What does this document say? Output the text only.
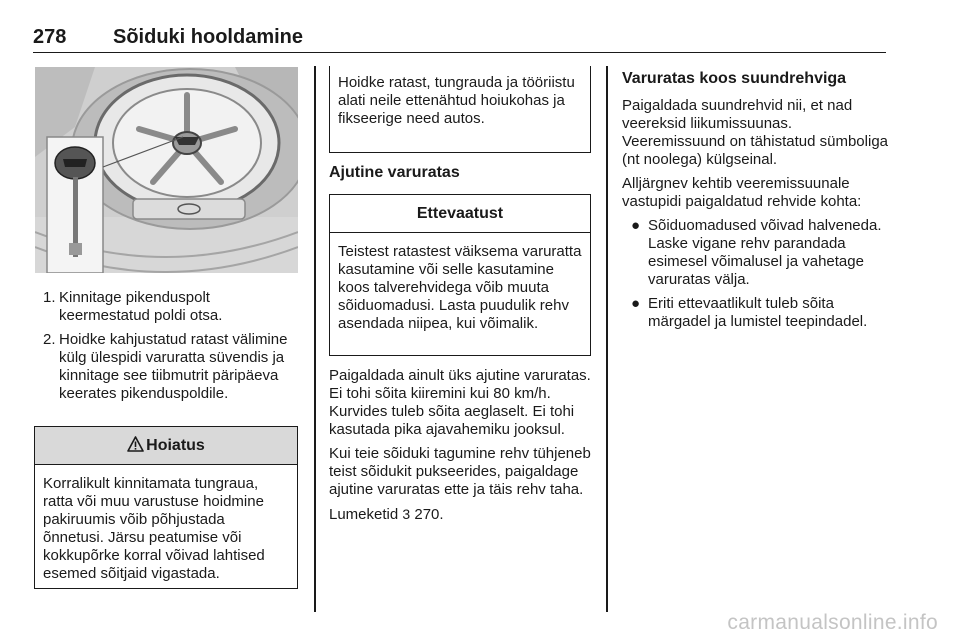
278 Sõiduki hooldamine
1. Kinnitage pikenduspolt keermestatud poldi otsa.
2. Hoidke kahjustatud ratast välimine külg ülespidi varuratta süvendis ja kinnitage see tiibmutrit päripäeva keerates pikenduspoldile.
Hoiatus
Korralikult kinnitamata tungraua, ratta või muu varustuse hoidmine pakiruumis võib põhjustada õnnetusi. Järsu peatumise või kokkupõrke korral võivad lahtised esemed sõitjaid vigastada.
Hoidke ratast, tungrauda ja tööriistu alati neile ettenähtud hoiukohas ja fikseerige need autos.
Ajutine varuratas
Ettevaatust
Teistest ratastest väiksema varuratta kasutamine või selle kasutamine koos talverehvidega võib muuta sõiduomadusi. Lasta puudulik rehv asendada niipea, kui võimalik.

Paigaldada ainult üks ajutine varuratas. Ei tohi sõita kiiremini kui 80 km/h. Kurvides tuleb sõita aeglaselt. Ei tohi kasutada pika ajavahemiku jooksul.

Kui teie sõiduki tagumine rehv tühjeneb teist sõidukit pukseerides, paigaldage ajutine varuratas ette ja täis rehv taha.

Lumeketid 3 270.

Varuratas koos suundrehviga

Paigaldada suundrehvid nii, et nad veereksid liikumissuunas. Veeremissuund on tähistatud sümboliga (nt noolega) külgseinal.

Alljärgnev kehtib veeremissuunale vastupidi paigaldatud rehvide kohta:

● Sõiduomadused võivad halveneda. Laske vigane rehv parandada esimesel võimalusel ja vahetage varuratas välja.
● Eriti ettevaatlikult tuleb sõita märgadel ja lumistel teepindadel.
carmanualsonline.info
